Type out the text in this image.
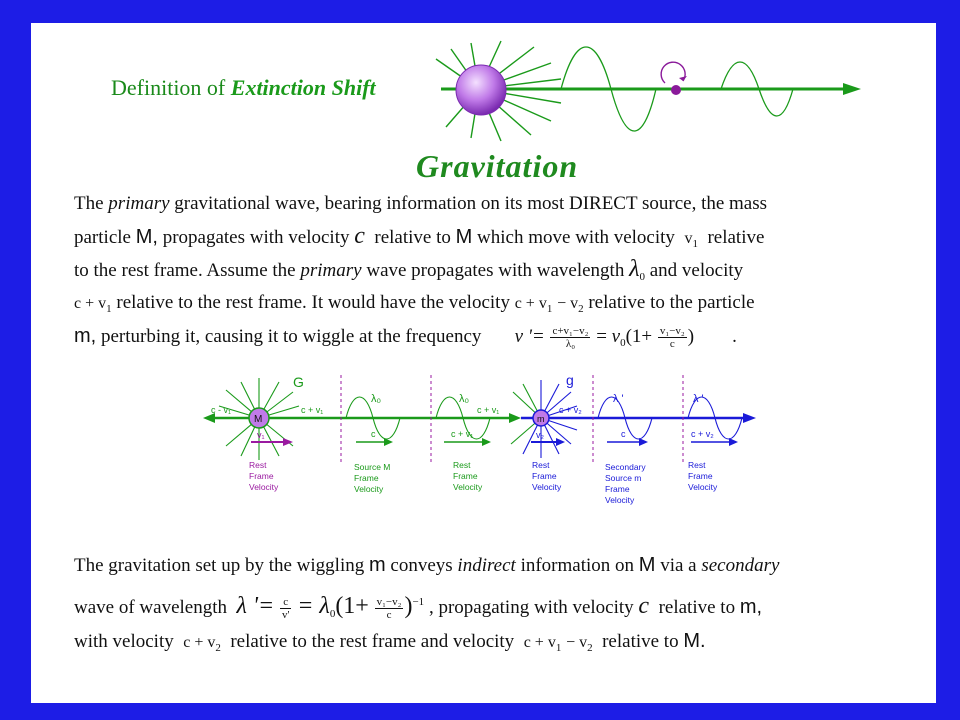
Definition of Extinction Shift
Gravitation
The primary gravitational wave, bearing information on its most DIRECT source, the mass
particle M, propagates with velocity c relative to M which move with velocity $v_1$ relative
to the rest frame. Assume the primary wave propagates with wavelength $\lambda_0$ and velocity
$c + v_1$ relative to the rest frame. It would have the velocity $c + v_1 - v_2$ relative to the particle
m, perturbing it, causing it to wiggle at the frequency v '= $\frac{\text{c+v₁−v₂}}{\text{λ₀}} = v_0(1+ \frac{\text{v₁−v₂}}{c}$ ) .
M
G
c - v₁	c + v₁
v₁
λ₀	λ₀
c + v₁
c	c + v₁
m
g
c + v₂
v₂
λ '	λ '
c	c + v₂
Rest
Frame
Velocity
Source M
Frame
Velocity
Rest
Frame
Velocity
Rest
Frame
Velocity
Secondary
Source m
Frame
Velocity
Rest
Frame
Velocity
The gravitation set up by the wiggling m conveys indirect information on M via a secondary
wave of wavelength λ '= $\frac{c}{v'} = \lambda_0(1+ \frac{\text{v₁−v₂}}{c} )^{-1}$ , propagating with velocity c relative to m,
with velocity $c + v_2$ relative to the rest frame and velocity $c + v_1 - v_2$ relative to M.
